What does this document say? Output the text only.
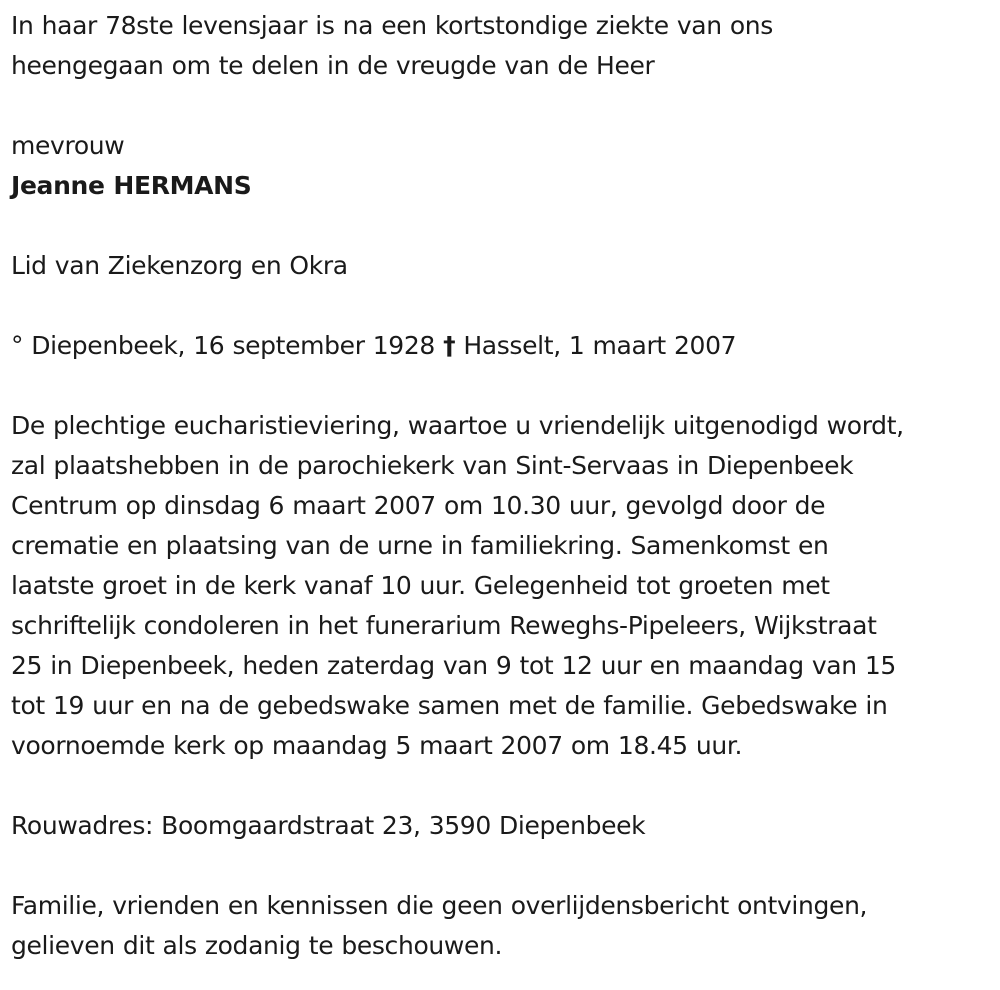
In haar 78ste levensjaar is na een kortstondige ziekte van ons

heengegaan om te delen in de vreugde van de Heer

mevrouw

Jeanne HERMANS

Lid van Ziekenzorg en Okra

° Diepenbeek, 16 september 1928 † Hasselt, 1 maart 2007

De plechtige eucharistieviering, waartoe u vriendelijk uitgenodigd wordt,

zal plaatshebben in de parochiekerk van Sint-Servaas in Diepenbeek

Centrum op dinsdag 6 maart 2007 om 10.30 uur, gevolgd door de

crematie en plaatsing van de urne in familiekring. Samenkomst en

laatste groet in de kerk vanaf 10 uur. Gelegenheid tot groeten met

schriftelijk condoleren in het funerarium Reweghs-Pipeleers, Wijkstraat

25 in Diepenbeek, heden zaterdag van 9 tot 12 uur en maandag van 15

tot 19 uur en na de gebedswake samen met de familie. Gebedswake in

voornoemde kerk op maandag 5 maart 2007 om 18.45 uur.

Rouwadres: Boomgaardstraat 23, 3590 Diepenbeek

Familie, vrienden en kennissen die geen overlijdensbericht ontvingen,

gelieven dit als zodanig te beschouwen.
